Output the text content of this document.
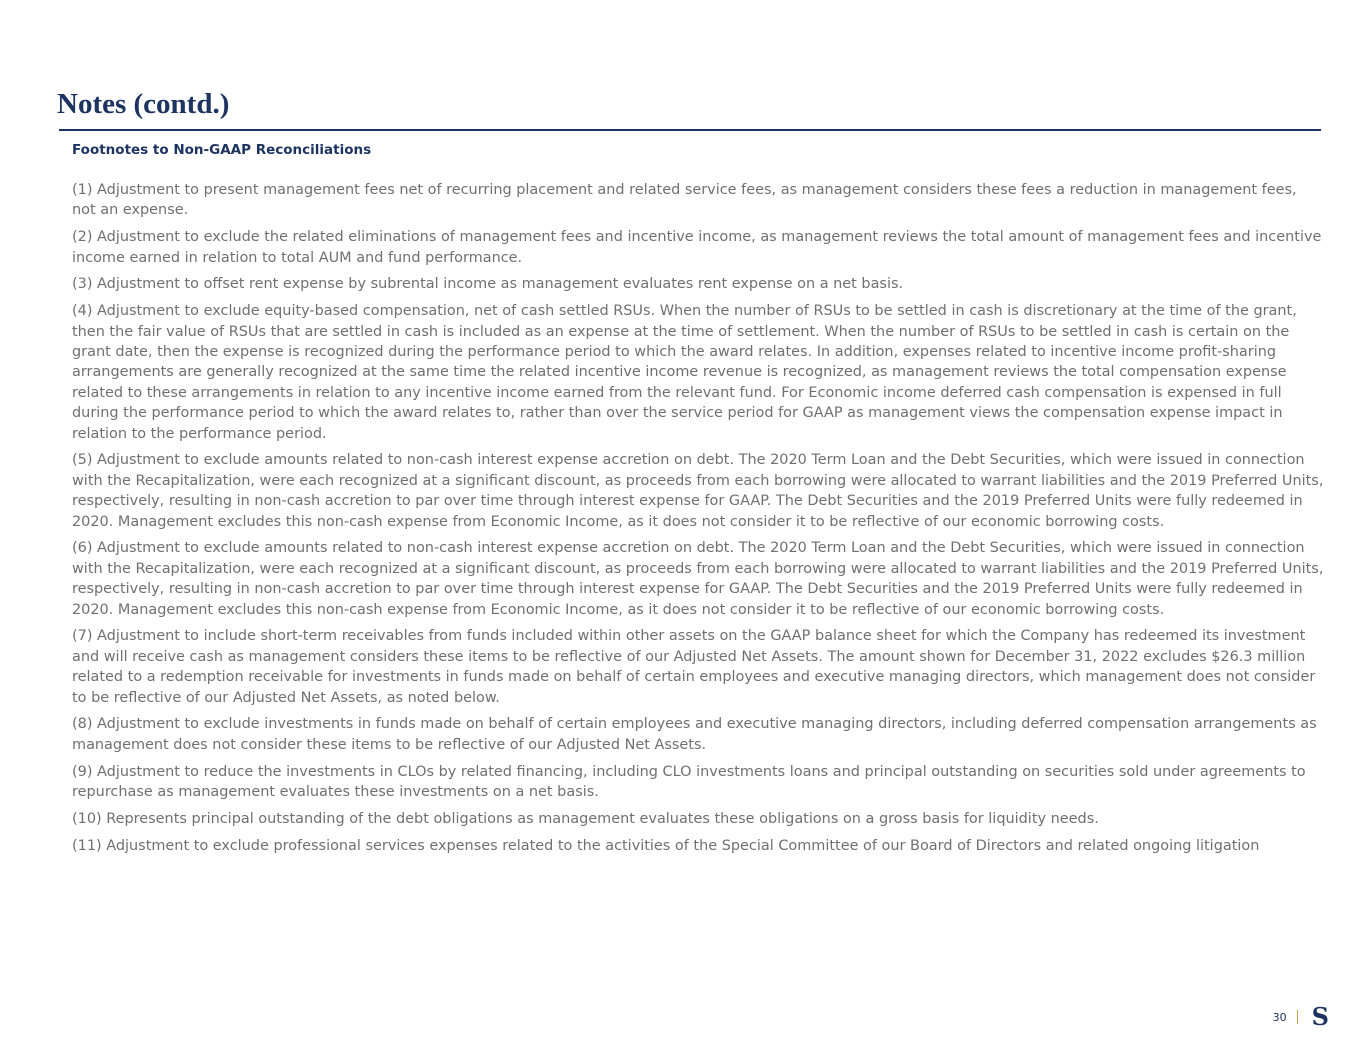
Notes (contd.)
Footnotes to Non-GAAP Reconciliations

(1) Adjustment to present management fees net of recurring placement and related service fees, as management considers these fees a reduction in management fees, not an expense.

(2) Adjustment to exclude the related eliminations of management fees and incentive income, as management reviews the total amount of management fees and incentive income earned in relation to total AUM and fund performance.

(3) Adjustment to offset rent expense by subrental income as management evaluates rent expense on a net basis.

(4) Adjustment to exclude equity-based compensation, net of cash settled RSUs. When the number of RSUs to be settled in cash is discretionary at the time of the grant, then the fair value of RSUs that are settled in cash is included as an expense at the time of settlement. When the number of RSUs to be settled in cash is certain on the grant date, then the expense is recognized during the performance period to which the award relates. In addition, expenses related to incentive income profit-sharing arrangements are generally recognized at the same time the related incentive income revenue is recognized, as management reviews the total compensation expense related to these arrangements in relation to any incentive income earned from the relevant fund. For Economic income deferred cash compensation is expensed in full during the performance period to which the award relates to, rather than over the service period for GAAP as management views the compensation expense impact in relation to the performance period.

(5) Adjustment to exclude amounts related to non-cash interest expense accretion on debt. The 2020 Term Loan and the Debt Securities, which were issued in connection with the Recapitalization, were each recognized at a significant discount, as proceeds from each borrowing were allocated to warrant liabilities and the 2019 Preferred Units, respectively, resulting in non-cash accretion to par over time through interest expense for GAAP. The Debt Securities and the 2019 Preferred Units were fully redeemed in 2020. Management excludes this non-cash expense from Economic Income, as it does not consider it to be reflective of our economic borrowing costs.

(6) Adjustment to exclude amounts related to non-cash interest expense accretion on debt. The 2020 Term Loan and the Debt Securities, which were issued in connection with the Recapitalization, were each recognized at a significant discount, as proceeds from each borrowing were allocated to warrant liabilities and the 2019 Preferred Units, respectively, resulting in non-cash accretion to par over time through interest expense for GAAP. The Debt Securities and the 2019 Preferred Units were fully redeemed in 2020. Management excludes this non-cash expense from Economic Income, as it does not consider it to be reflective of our economic borrowing costs.

(7) Adjustment to include short-term receivables from funds included within other assets on the GAAP balance sheet for which the Company has redeemed its investment and will receive cash as management considers these items to be reflective of our Adjusted Net Assets. The amount shown for December 31, 2022 excludes $26.3 million related to a redemption receivable for investments in funds made on behalf of certain employees and executive managing directors, which management does not consider to be reflective of our Adjusted Net Assets, as noted below.

(8) Adjustment to exclude investments in funds made on behalf of certain employees and executive managing directors, including deferred compensation arrangements as management does not consider these items to be reflective of our Adjusted Net Assets.

(9) Adjustment to reduce the investments in CLOs by related financing, including CLO investments loans and principal outstanding on securities sold under agreements to repurchase as management evaluates these investments on a net basis.

(10) Represents principal outstanding of the debt obligations as management evaluates these obligations on a gross basis for liquidity needs.

(11) Adjustment to exclude professional services expenses related to the activities of the Special Committee of our Board of Directors and related ongoing litigation

30 S
